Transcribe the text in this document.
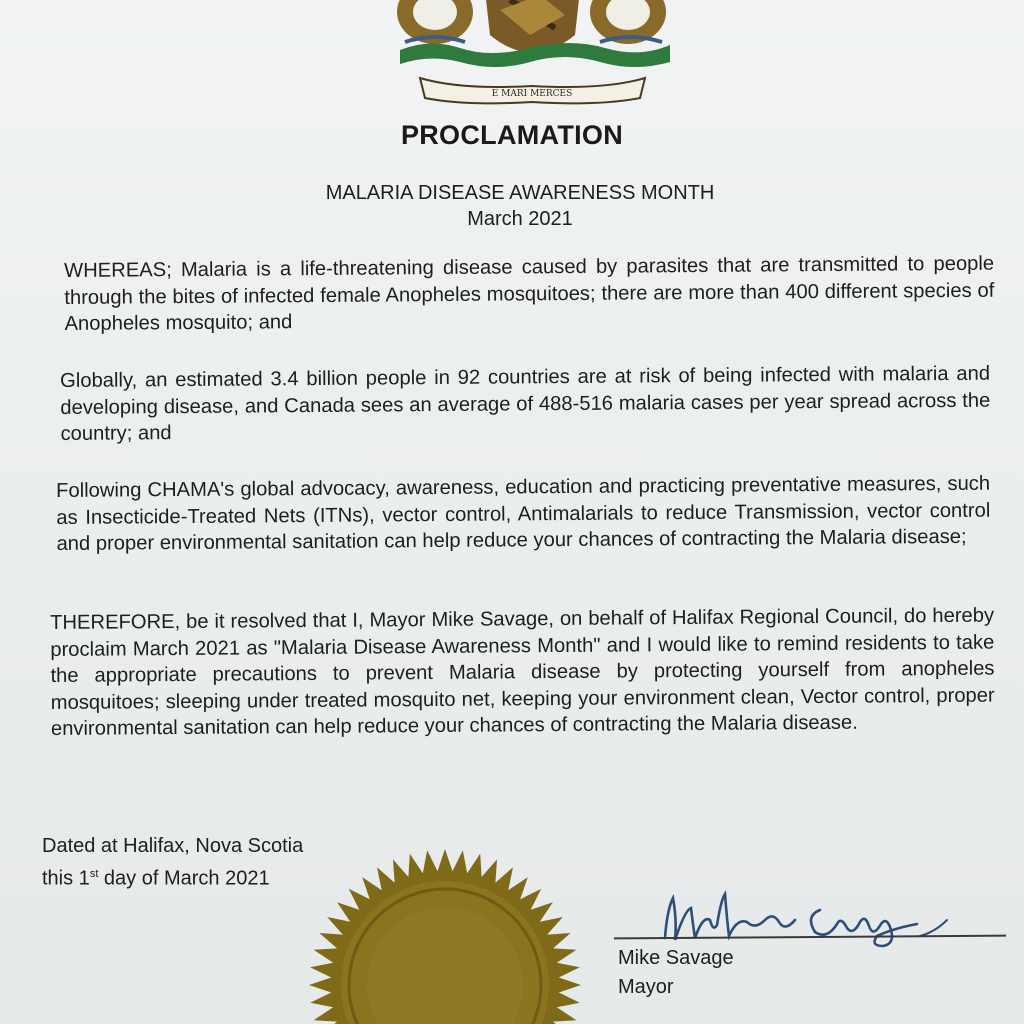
E MARI MERCES
PROCLAMATION
MALARIA DISEASE AWARENESS MONTH
March 2021
WHEREAS; Malaria is a life-threatening disease caused by parasites that are transmitted to people through the bites of infected female Anopheles mosquitoes; there are more than 400 different species of Anopheles mosquito; and
Globally, an estimated 3.4 billion people in 92 countries are at risk of being infected with malaria and developing disease, and Canada sees an average of 488-516 malaria cases per year spread across the country; and
Following CHAMA's global advocacy, awareness, education and practicing preventative measures, such as Insecticide-Treated Nets (ITNs), vector control, Antimalarials to reduce Transmission, vector control and proper environmental sanitation can help reduce your chances of contracting the Malaria disease;
THEREFORE, be it resolved that I, Mayor Mike Savage, on behalf of Halifax Regional Council, do hereby proclaim March 2021 as "Malaria Disease Awareness Month" and I would like to remind residents to take the appropriate precautions to prevent Malaria disease by protecting yourself from anopheles mosquitoes; sleeping under treated mosquito net, keeping your environment clean, Vector control, proper environmental sanitation can help reduce your chances of contracting the Malaria disease.
Dated at Halifax, Nova Scotia
this 1st day of March 2021
Mike Savage
Mayor
